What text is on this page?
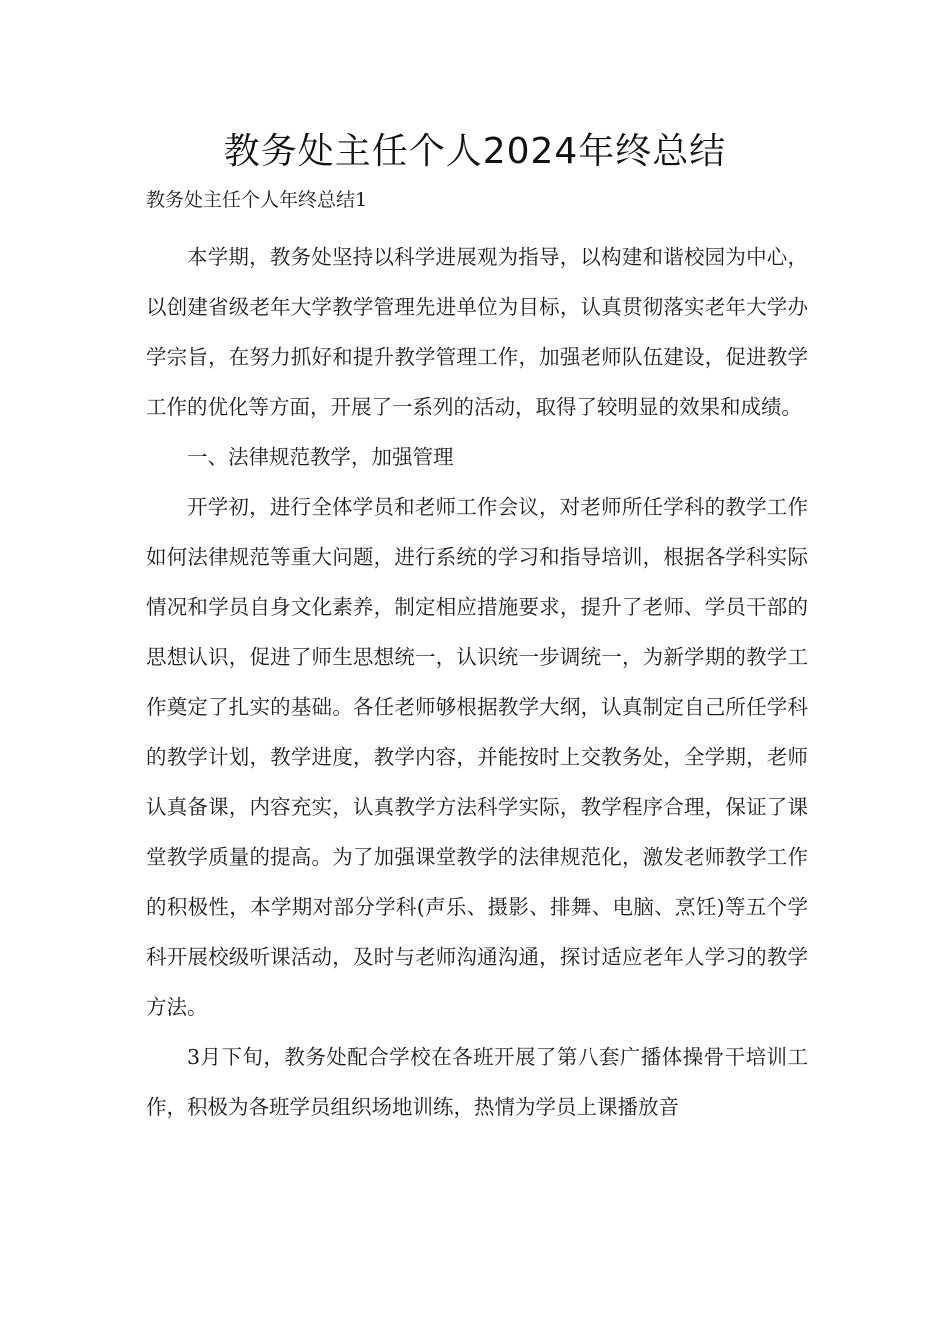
教务处主任个人2024年终总结

教务处主任个人年终总结1

本学期，教务处坚持以科学进展观为指导，以构建和谐校园为中心，以创建省级老年大学教学管理先进单位为目标，认真贯彻落实老年大学办学宗旨，在努力抓好和提升教学管理工作，加强老师队伍建设，促进教学工作的优化等方面，开展了一系列的活动，取得了较明显的效果和成绩。

一、法律规范教学，加强管理

开学初，进行全体学员和老师工作会议，对老师所任学科的教学工作如何法律规范等重大问题，进行系统的学习和指导培训，根据各学科实际情况和学员自身文化素养，制定相应措施要求，提升了老师、学员干部的思想认识，促进了师生思想统一，认识统一步调统一，为新学期的教学工作奠定了扎实的基础。各任老师够根据教学大纲，认真制定自己所任学科的教学计划，教学进度，教学内容，并能按时上交教务处，全学期，老师认真备课，内容充实，认真教学方法科学实际，教学程序合理，保证了课堂教学质量的提高。为了加强课堂教学的法律规范化，激发老师教学工作的积极性，本学期对部分学科(声乐、摄影、排舞、电脑、烹饪)等五个学科开展校级听课活动，及时与老师沟通沟通，探讨适应老年人学习的教学方法。

3月下旬，教务处配合学校在各班开展了第八套广播体操骨干培训工作，积极为各班学员组织场地训练，热情为学员上课播放音
